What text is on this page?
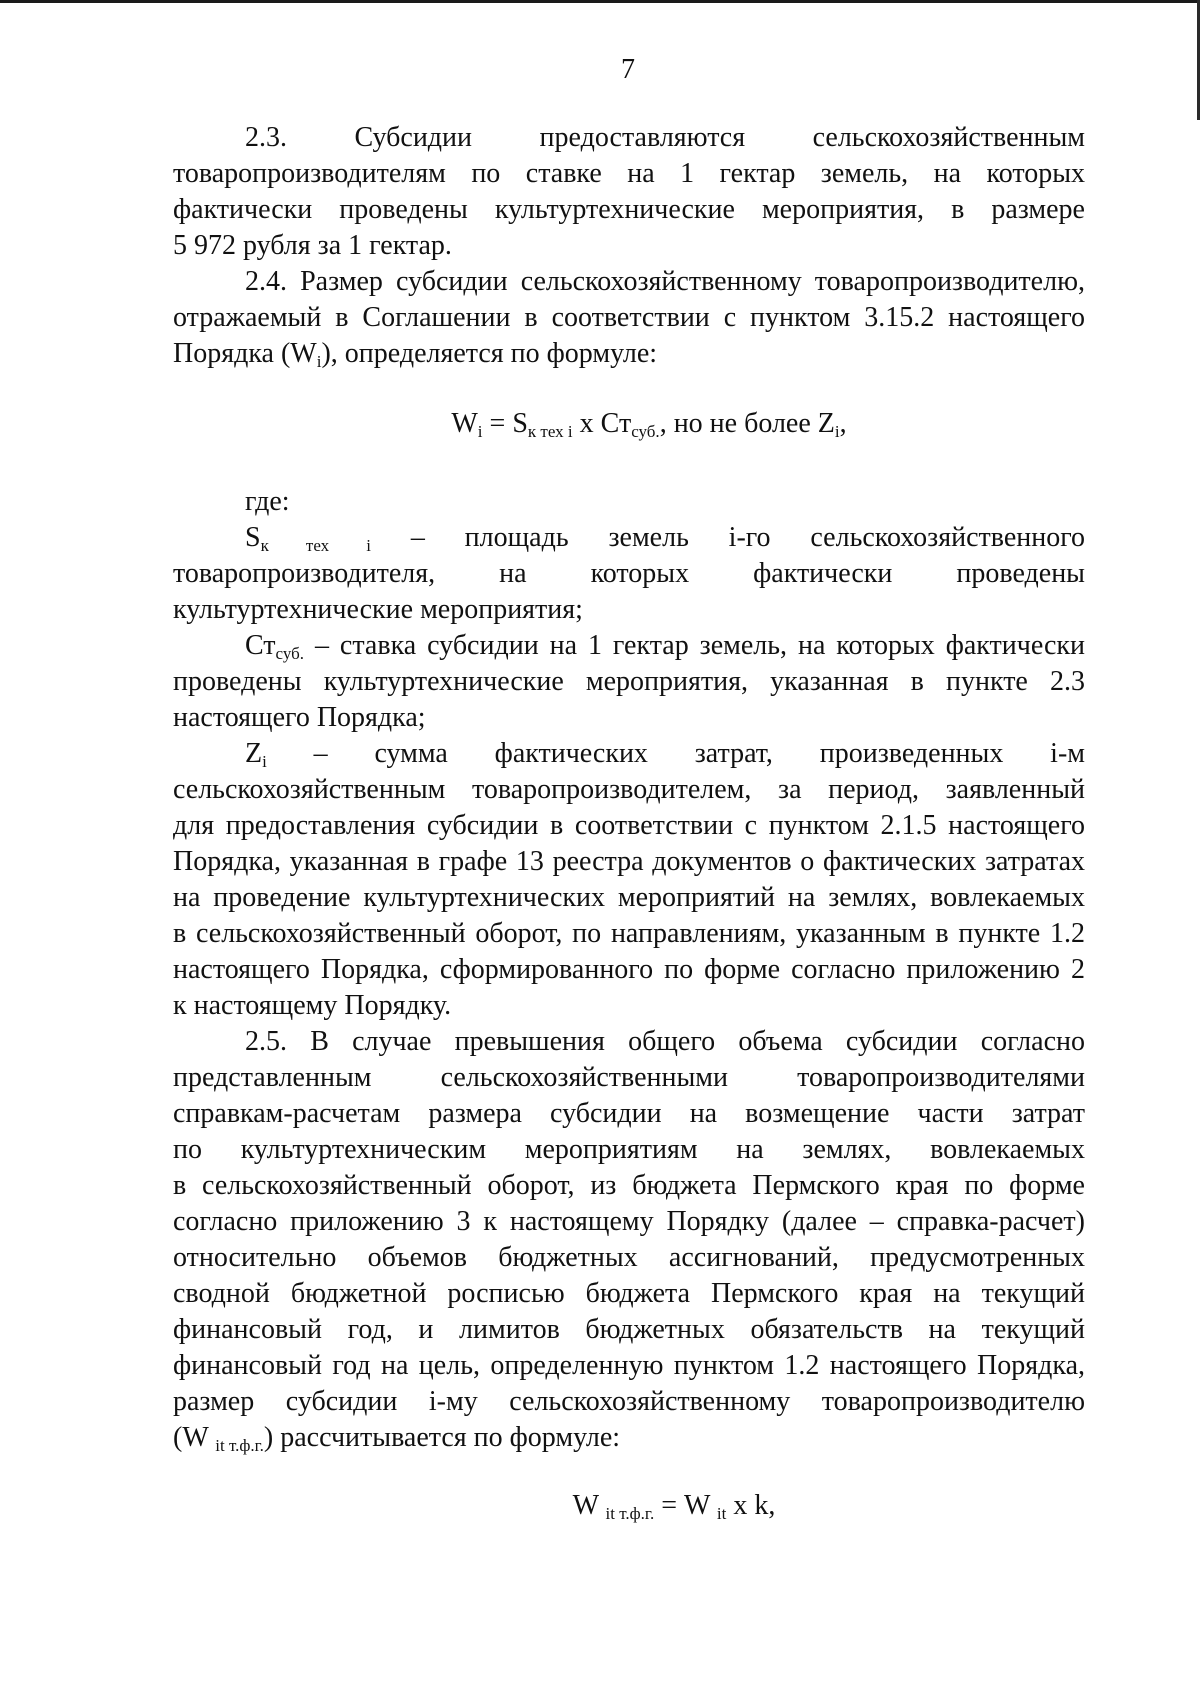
7
2.3. Субсидии предоставляются сельскохозяйственным
товаропроизводителям по ставке на 1 гектар земель, на которых
фактически проведены культуртехнические мероприятия, в размере
5 972 рубля за 1 гектар.
2.4. Размер субсидии сельскохозяйственному товаропроизводителю,
отражаемый в Соглашении в соответствии с пунктом 3.15.2 настоящего
Порядка $(W_i)$, определяется по формуле:

$W_i = S_{к тех i}$ х $Ст_{суб.}$, но не более $Z_i$,

где:

$S_{к тех i}$ – площадь земель i-го сельскохозяйственного
товаропроизводителя, на которых фактически проведены
культуртехнические мероприятия;
$Ст_{суб.}$ – ставка субсидии на 1 гектар земель, на которых фактически
проведены культуртехнические мероприятия, указанная в пункте 2.3
настоящего Порядка;
$Z_i$ – сумма фактических затрат, произведенных i-м
сельскохозяйственным товаропроизводителем, за период, заявленный
для предоставления субсидии в соответствии с пунктом 2.1.5 настоящего
Порядка, указанная в графе 13 реестра документов о фактических затратах
на проведение культуртехнических мероприятий на землях, вовлекаемых
в сельскохозяйственный оборот, по направлениям, указанным в пункте 1.2
настоящего Порядка, сформированного по форме согласно приложению 2
к настоящему Порядку.
2.5. В случае превышения общего объема субсидии согласно
представленным сельскохозяйственными товаропроизводителями
справкам-расчетам размера субсидии на возмещение части затрат
по культуртехническим мероприятиям на землях, вовлекаемых
в сельскохозяйственный оборот, из бюджета Пермского края по форме
согласно приложению 3 к настоящему Порядку (далее – справка-расчет)
относительно объемов бюджетных ассигнований, предусмотренных
сводной бюджетной росписью бюджета Пермского края на текущий
финансовый год, и лимитов бюджетных обязательств на текущий
финансовый год на цель, определенную пунктом 1.2 настоящего Порядка,
размер субсидии i-му сельскохозяйственному товаропроизводителю
(W $_{it т.ф.г.}$) рассчитывается по формуле:

W $_{it т.ф.г.}$ = W $_{it}$ х k,
